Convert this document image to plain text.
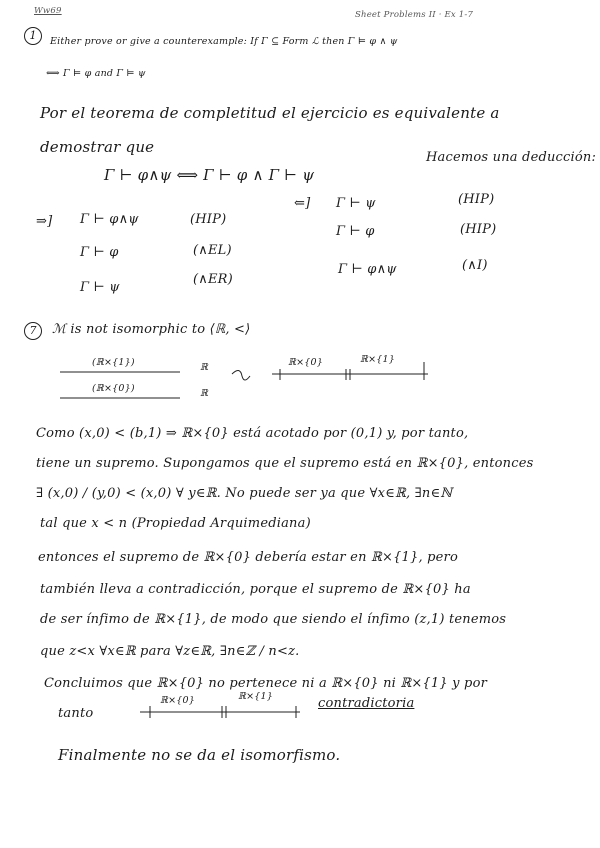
Ww69	Sheet Problems II · Ex 1-7
1	Either prove or give a counterexample: If Γ ⊆ Form ℒ then Γ ⊨ φ ∧ ψ
⟺ Γ ⊨ φ and Γ ⊨ ψ
Por el teorema de completitud el ejercicio es equivalente a
demostrar que
Γ ⊢ φ∧ψ ⟺ Γ ⊢ φ ∧ Γ ⊢ ψ
Hacemos una deducción:
⇒] Γ ⊢ φ∧ψ	(HIP)
Γ ⊢ φ	(∧EL)
Γ ⊢ ψ
(∧ER)
⇐] Γ ⊢ ψ	(HIP)
Γ ⊢ φ	(HIP)
Γ ⊢ φ∧ψ	(∧I)
7	ℳ is not isomorphic to ⟨ℝ, <⟩
(ℝ×{1})
(ℝ×{0})
ℝ
ℝ
ℝ×{0}	ℝ×{1}
Como (x,0) < (b,1) ⇒ ℝ×{0} está acotado por (0,1) y, por tanto,
tiene un supremo. Supongamos que el supremo está en ℝ×{0}, entonces
∃ (x,0) / (y,0) < (x,0) ∀ y∈ℝ. No puede ser ya que ∀x∈ℝ, ∃n∈ℕ
tal que x < n (Propiedad Arquimediana)
entonces el supremo de ℝ×{0} debería estar en ℝ×{1}, pero
también lleva a contradicción, porque el supremo de ℝ×{0} ha
de ser ínfimo de ℝ×{1}, de modo que siendo el ínfimo (z,1) tenemos
que z<x ∀x∈ℝ para ∀z∈ℝ, ∃n∈ℤ / n<z.
Concluimos que ℝ×{0} no pertenece ni a ℝ×{0} ni ℝ×{1} y por
tanto
ℝ×{0}	ℝ×{1}	contradictoria
Finalmente no se da el isomorfismo.
